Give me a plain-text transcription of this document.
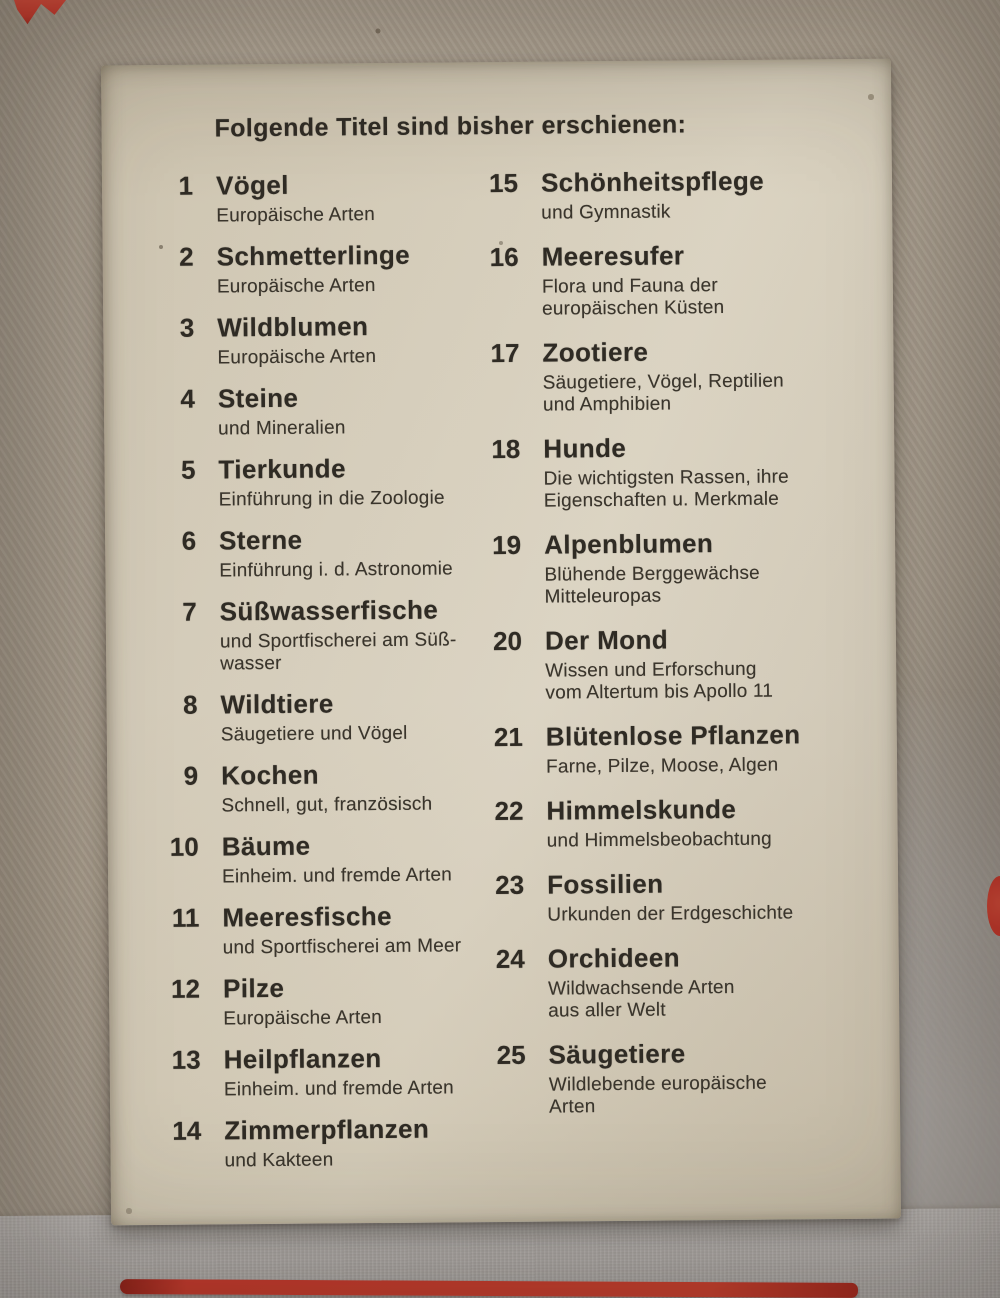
Folgende Titel sind bisher erschienen:
1 Vögel
Europäische Arten
2 Schmetterlinge
Europäische Arten
3 Wildblumen
Europäische Arten
4 Steine
und Mineralien
5 Tierkunde
Einführung in die Zoologie
6 Sterne
Einführung i. d. Astronomie
7 Süßwasserfische
und Sportfischerei am Süß-
wasser
8 Wildtiere
Säugetiere und Vögel
9 Kochen
Schnell, gut, französisch
10 Bäume
Einheim. und fremde Arten
11 Meeresfische
und Sportfischerei am Meer
12 Pilze
Europäische Arten
13 Heilpflanzen
Einheim. und fremde Arten
14 Zimmerpflanzen
und Kakteen
15 Schönheitspflege
und Gymnastik
16 Meeresufer
Flora und Fauna der
europäischen Küsten
17 Zootiere
Säugetiere, Vögel, Reptilien
und Amphibien
18 Hunde
Die wichtigsten Rassen, ihre
Eigenschaften u. Merkmale
19 Alpenblumen
Blühende Berggewächse
Mitteleuropas
20 Der Mond
Wissen und Erforschung
vom Altertum bis Apollo 11
21 Blütenlose Pflanzen
Farne, Pilze, Moose, Algen
22 Himmelskunde
und Himmelsbeobachtung
23 Fossilien
Urkunden der Erdgeschichte
24 Orchideen
Wildwachsende Arten
aus aller Welt
25 Säugetiere
Wildlebende europäische
Arten
